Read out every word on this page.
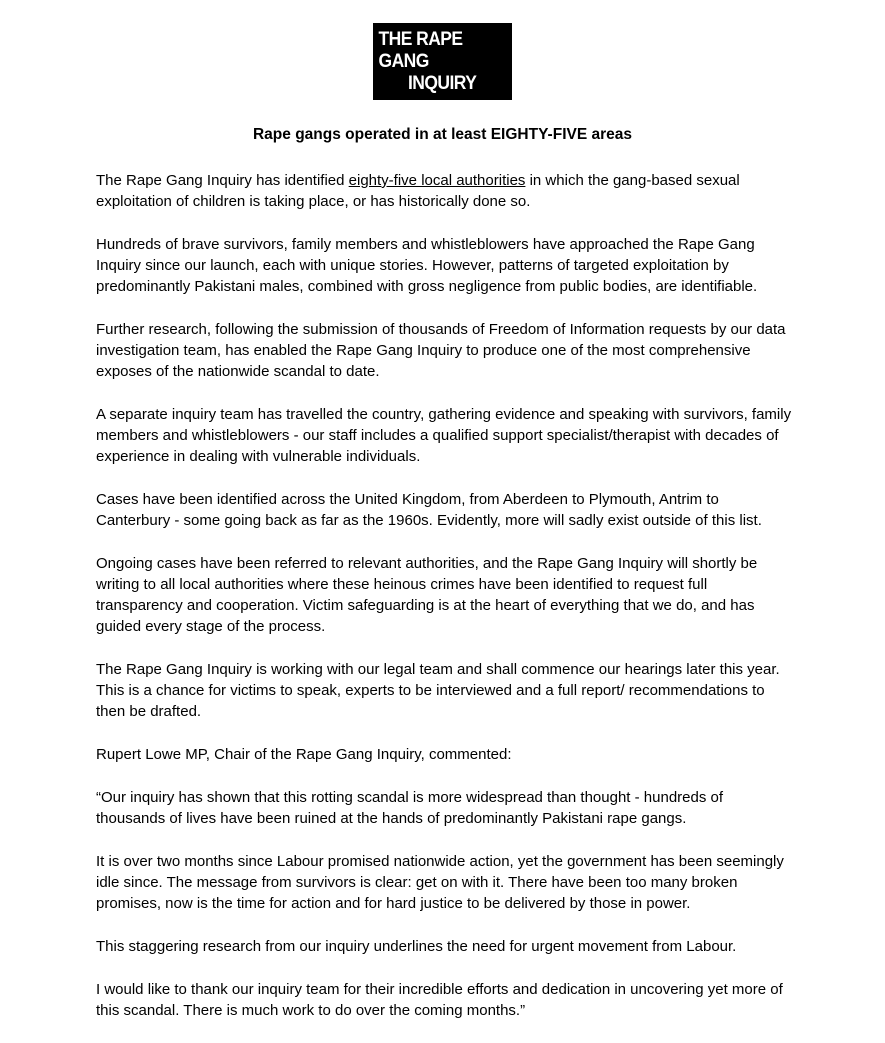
THE RAPE GANG
INQUIRY
Rape gangs operated in at least EIGHTY-FIVE areas

The Rape Gang Inquiry has identified eighty-five local authorities in which the gang-based sexual exploitation of children is taking place, or has historically done so.

Hundreds of brave survivors, family members and whistleblowers have approached the Rape Gang Inquiry since our launch, each with unique stories. However, patterns of targeted exploitation by predominantly Pakistani males, combined with gross negligence from public bodies, are identifiable.

Further research, following the submission of thousands of Freedom of Information requests by our data investigation team, has enabled the Rape Gang Inquiry to produce one of the most comprehensive exposes of the nationwide scandal to date.

A separate inquiry team has travelled the country, gathering evidence and speaking with survivors, family members and whistleblowers - our staff includes a qualified support specialist/therapist with decades of experience in dealing with vulnerable individuals.

Cases have been identified across the United Kingdom, from Aberdeen to Plymouth, Antrim to Canterbury - some going back as far as the 1960s. Evidently, more will sadly exist outside of this list.

Ongoing cases have been referred to relevant authorities, and the Rape Gang Inquiry will shortly be writing to all local authorities where these heinous crimes have been identified to request full transparency and cooperation. Victim safeguarding is at the heart of everything that we do, and has guided every stage of the process.

The Rape Gang Inquiry is working with our legal team and shall commence our hearings later this year. This is a chance for victims to speak, experts to be interviewed and a full report/ recommendations to then be drafted.

Rupert Lowe MP, Chair of the Rape Gang Inquiry, commented:

“Our inquiry has shown that this rotting scandal is more widespread than thought - hundreds of thousands of lives have been ruined at the hands of predominantly Pakistani rape gangs.

It is over two months since Labour promised nationwide action, yet the government has been seemingly idle since. The message from survivors is clear: get on with it. There have been too many broken promises, now is the time for action and for hard justice to be delivered by those in power.

This staggering research from our inquiry underlines the need for urgent movement from Labour.

I would like to thank our inquiry team for their incredible efforts and dedication in uncovering yet more of this scandal. There is much work to do over the coming months.”
